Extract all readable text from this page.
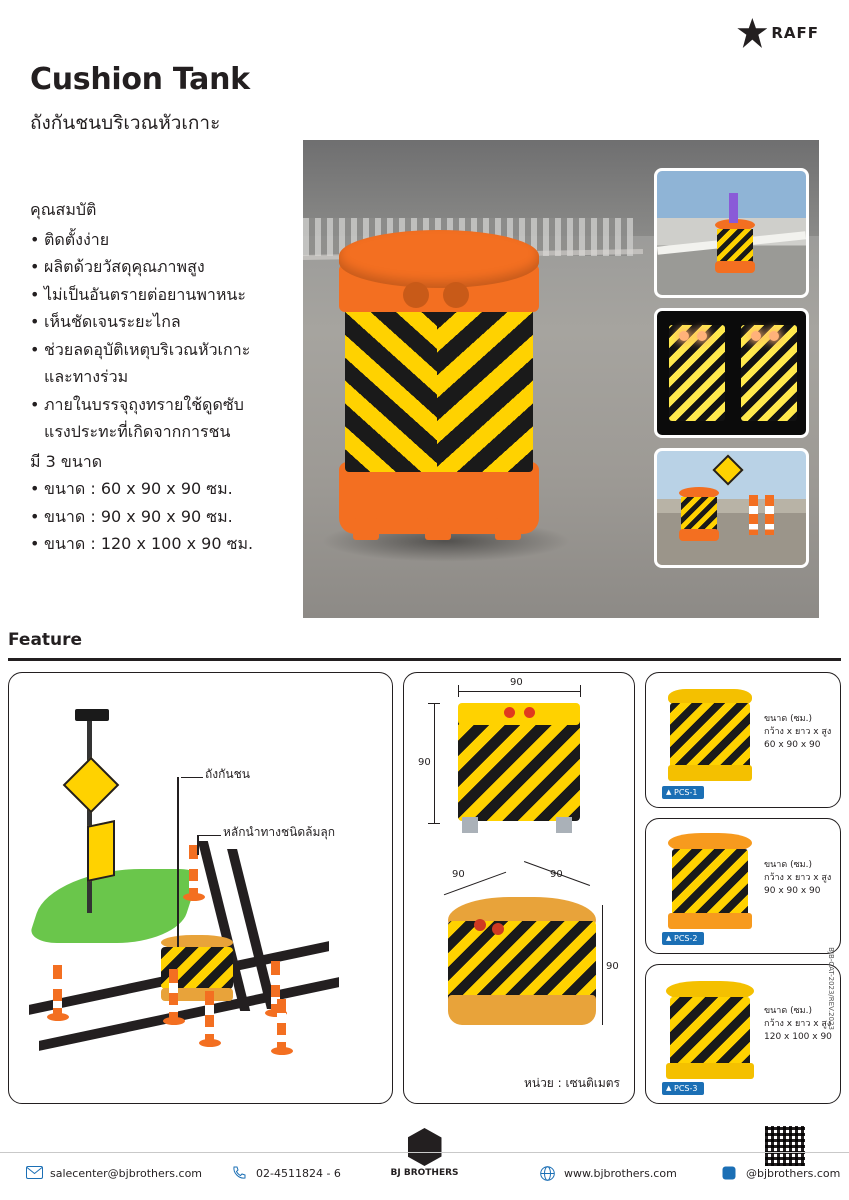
RAFF
Cushion Tank
ถังกันชนบริเวณหัวเกาะ
คุณสมบัติ
• ติดตั้งง่าย
• ผลิตด้วยวัสดุคุณภาพสูง
• ไม่เป็นอันตรายต่อยานพาหนะ
• เห็นชัดเจนระยะไกล
• ช่วยลดอุบัติเหตุบริเวณหัวเกาะ
และทางร่วม
• ภายในบรรจุถุงทรายใช้ดูดซับ
แรงประทะที่เกิดจากการชน
มี 3 ขนาด
• ขนาด : 60 x 90 x 90 ซม.
• ขนาด : 90 x 90 x 90 ซม.
• ขนาด : 120 x 100 x 90 ซม.
Feature
ถังกันชน
หลักนำทางชนิดล้มลุก
90
90
90	90
90
หน่วย : เซนติเมตร
ขนาด (ซม.)
กว้าง x ยาว x สูง
60 x 90 x 90
▲ PCS-1
ขนาด (ซม.)
กว้าง x ยาว x สูง
90 x 90 x 90
▲ PCS-2
ขนาด (ซม.)
กว้าง x ยาว x สูง
120 x 100 x 90
▲ PCS-3
BJB-CAT-2023/REV.2023
BJ BROTHERS
salecenter@bjbrothers.com	02-4511824 - 6	www.bjbrothers.com	@bjbrothers.com
